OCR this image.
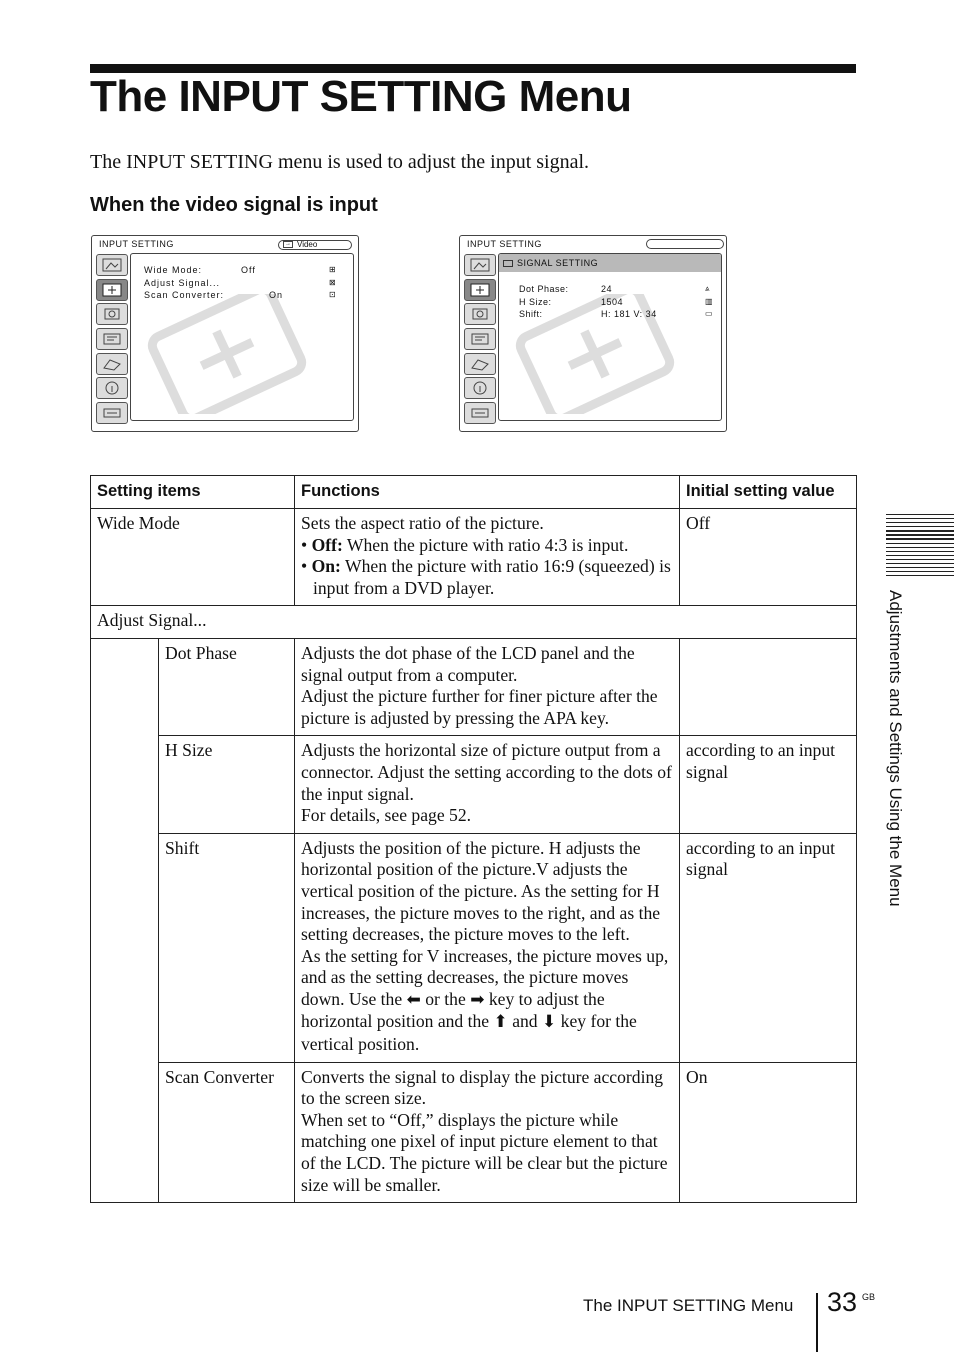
The INPUT SETTING Menu

The INPUT SETTING menu is used to adjust the input signal.

When the video signal is input
INPUT SETTING	→ Video
Wide Mode:	Off	⊞
Adjust Signal...	⊠
Scan Converter:	On	⊡
INPUT SETTING
SIGNAL SETTING
Dot Phase:	24	⩓
H Size:	1504	▥
Shift:	H: 181 V: 34	▭
Setting items		Functions	Initial setting value
Wide Mode		Sets the aspect ratio of the picture.
• Off: When the picture with ratio 4:3 is input.
• On: When the picture with ratio 16:9 (squeezed) is input from a DVD player.	Off
Adjust Signal...			
	Dot Phase	Adjusts the dot phase of the LCD panel and the signal output from a computer.
Adjust the picture further for finer picture after the picture is adjusted by pressing the APA key.	
	H Size	Adjusts the horizontal size of picture output from a connector. Adjust the setting according to the dots of the input signal.
For details, see page 52.	according to an input signal
	Shift	Adjusts the position of the picture. H adjusts the horizontal position of the picture.V adjusts the vertical position of the picture. As the setting for H increases, the picture moves to the right, and as the setting decreases, the picture moves to the left.
As the setting for V increases, the picture moves up, and as the setting decreases, the picture moves down. Use the ⬅ or the ➡ key to adjust the horizontal position and the ⬆ and ⬇ key for the vertical position.	according to an input signal
	Scan Converter	Converts the signal to display the picture according to the screen size.
When set to “Off,” displays the picture while matching one pixel of input picture element to that of the LCD. The picture will be clear but the picture size will be smaller.	On
Adjustments and Settings Using the Menu
The INPUT SETTING Menu 33 GB
